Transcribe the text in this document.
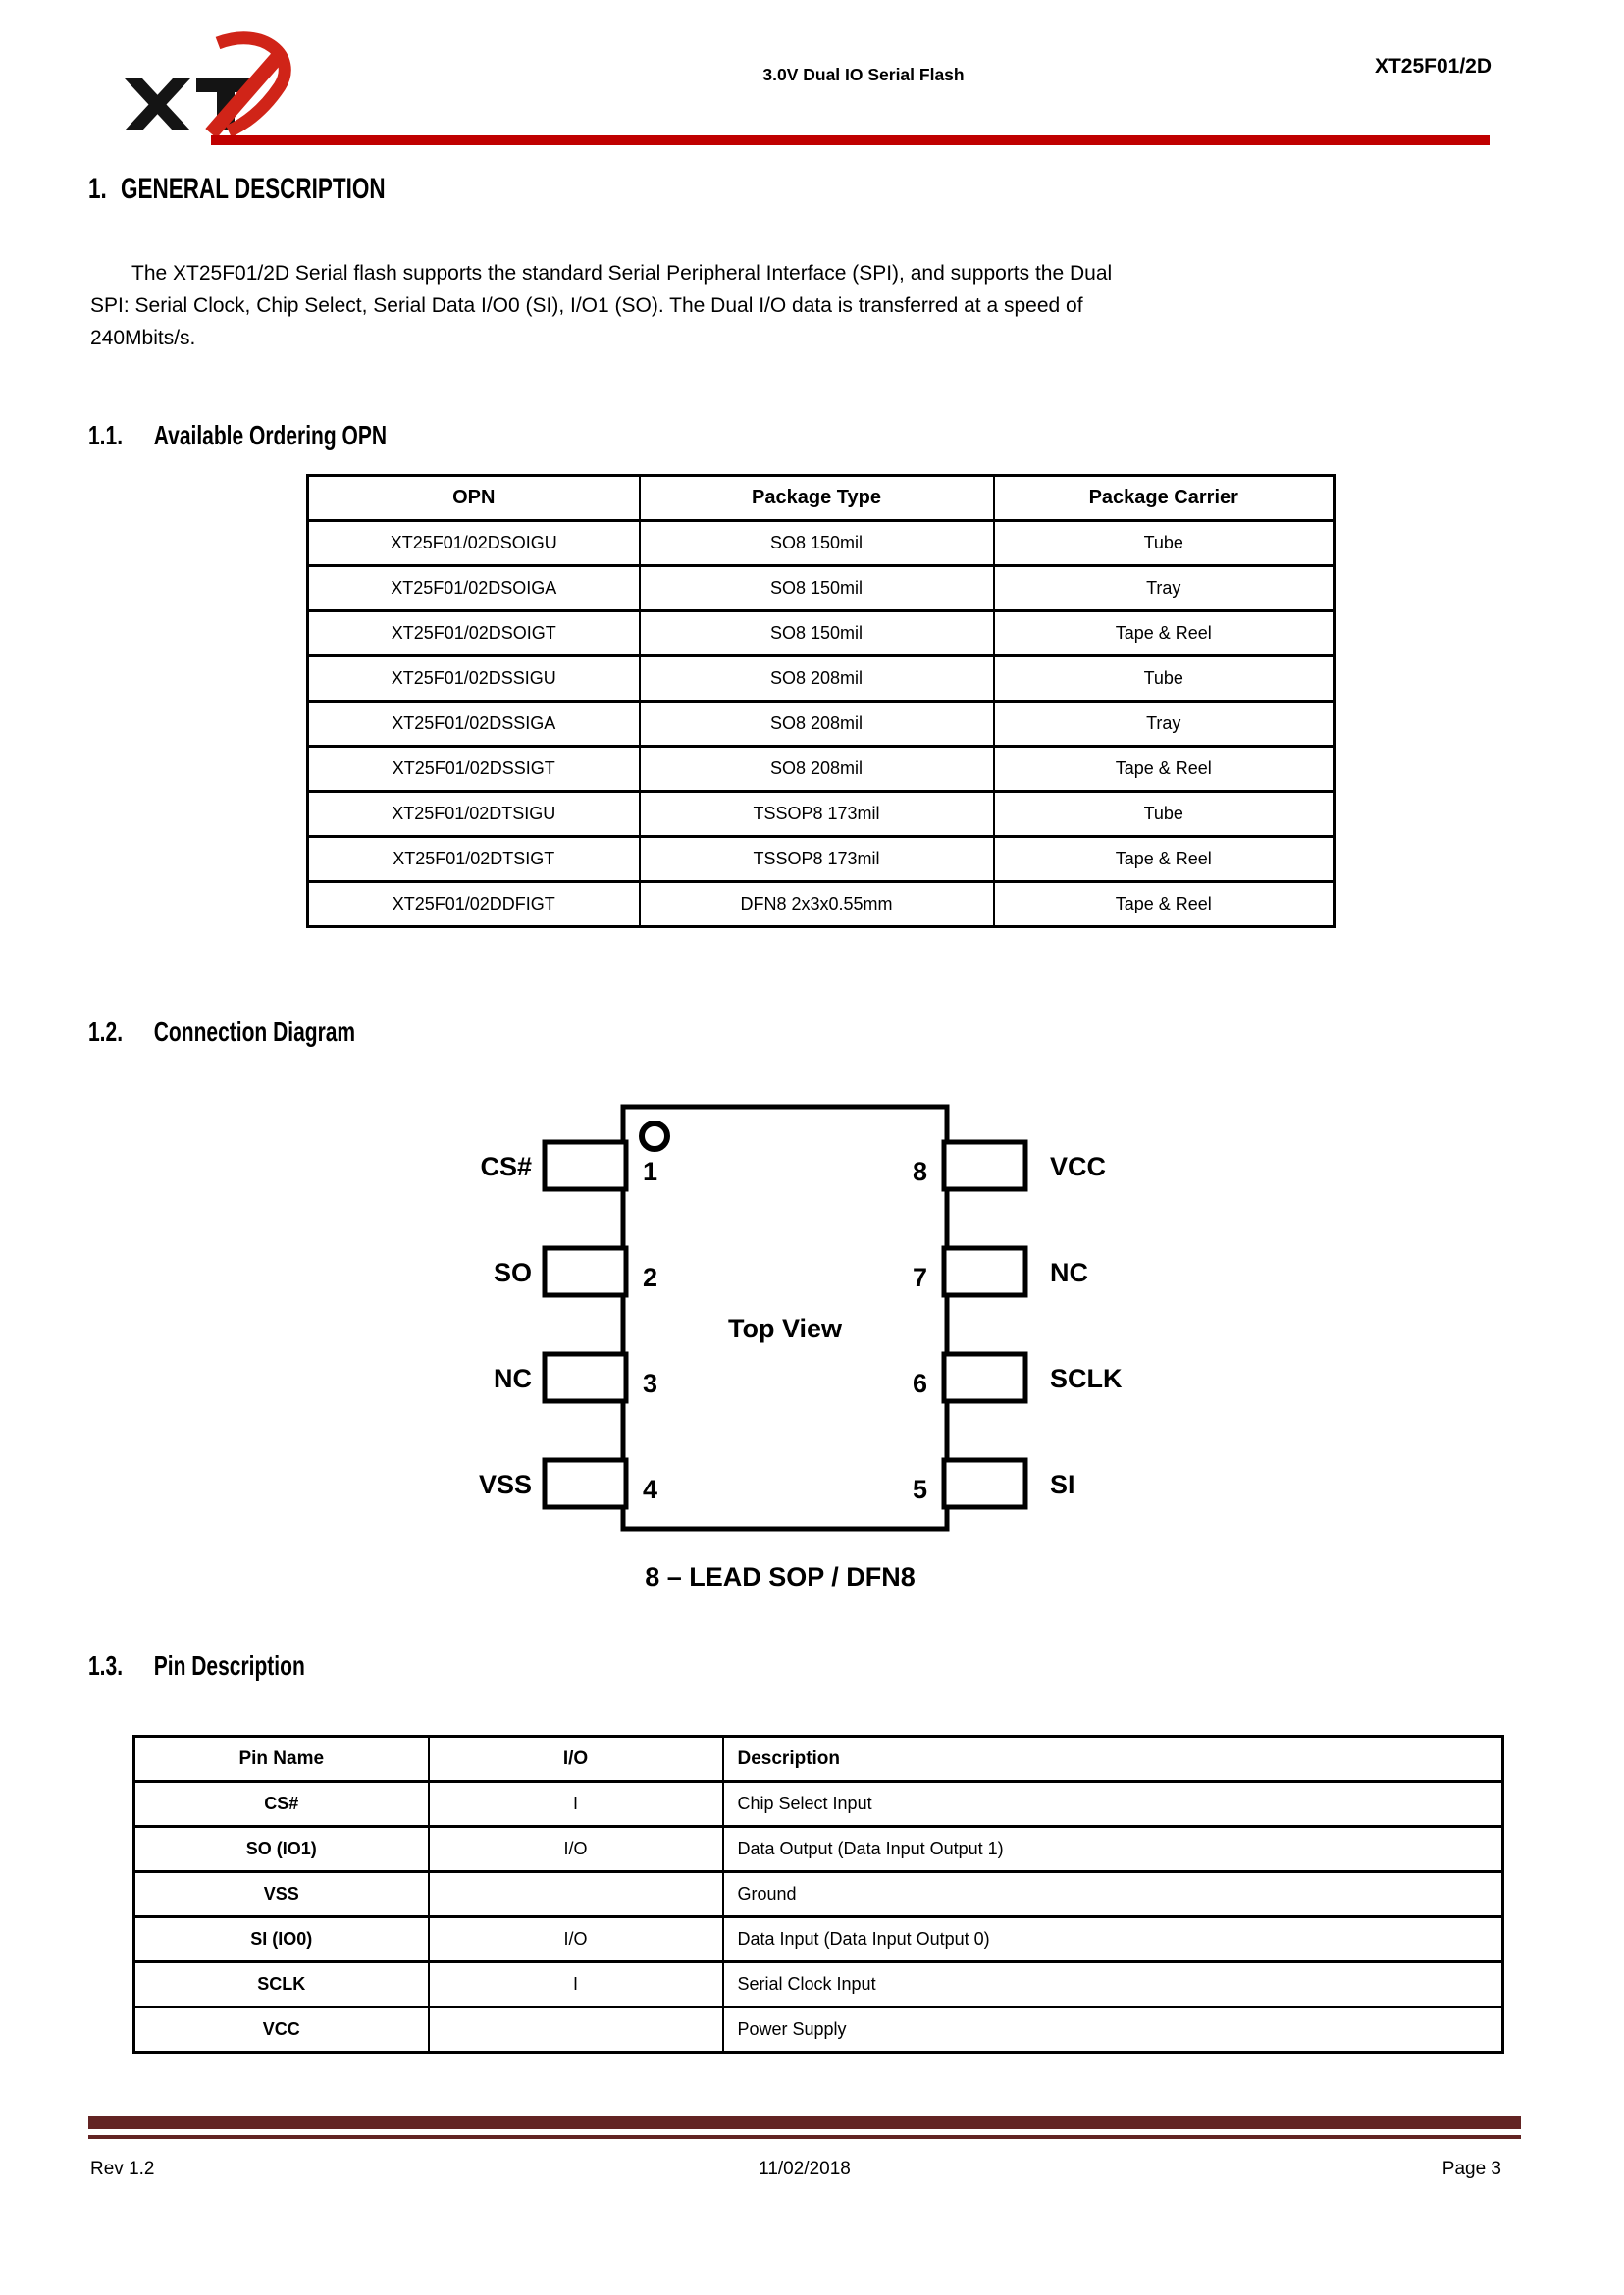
3.0V Dual IO Serial Flash	XT25F01/2D
1. GENERAL DESCRIPTION
The XT25F01/2D Serial flash supports the standard Serial Peripheral Interface (SPI), and supports the Dual
SPI: Serial Clock, Chip Select, Serial Data I/O0 (SI), I/O1 (SO). The Dual I/O data is transferred at a speed of
240Mbits/s.
1.1. Available Ordering OPN
OPN	Package Type	Package Carrier
XT25F01/02DSOIGU	SO8 150mil	Tube
XT25F01/02DSOIGA	SO8 150mil	Tray
XT25F01/02DSOIGT	SO8 150mil	Tape & Reel
XT25F01/02DSSIGU	SO8 208mil	Tube
XT25F01/02DSSIGA	SO8 208mil	Tray
XT25F01/02DSSIGT	SO8 208mil	Tape & Reel
XT25F01/02DTSIGU	TSSOP8 173mil	Tube
XT25F01/02DTSIGT	TSSOP8 173mil	Tape & Reel
XT25F01/02DDFIGT	DFN8 2x3x0.55mm	Tape & Reel
1.2. Connection Diagram
1
2
3
4
8
7
6
5
CS#
SO
NC
VSS
VCC
NC
SCLK
SI
Top View
8 – LEAD SOP / DFN8
1.3. Pin Description
Pin Name	I/O	Description
CS#	I	Chip Select Input
SO (IO1)	I/O	Data Output (Data Input Output 1)
VSS		Ground
SI (IO0)	I/O	Data Input (Data Input Output 0)
SCLK	I	Serial Clock Input
VCC		Power Supply
Rev 1.2	11/02/2018	Page 3
